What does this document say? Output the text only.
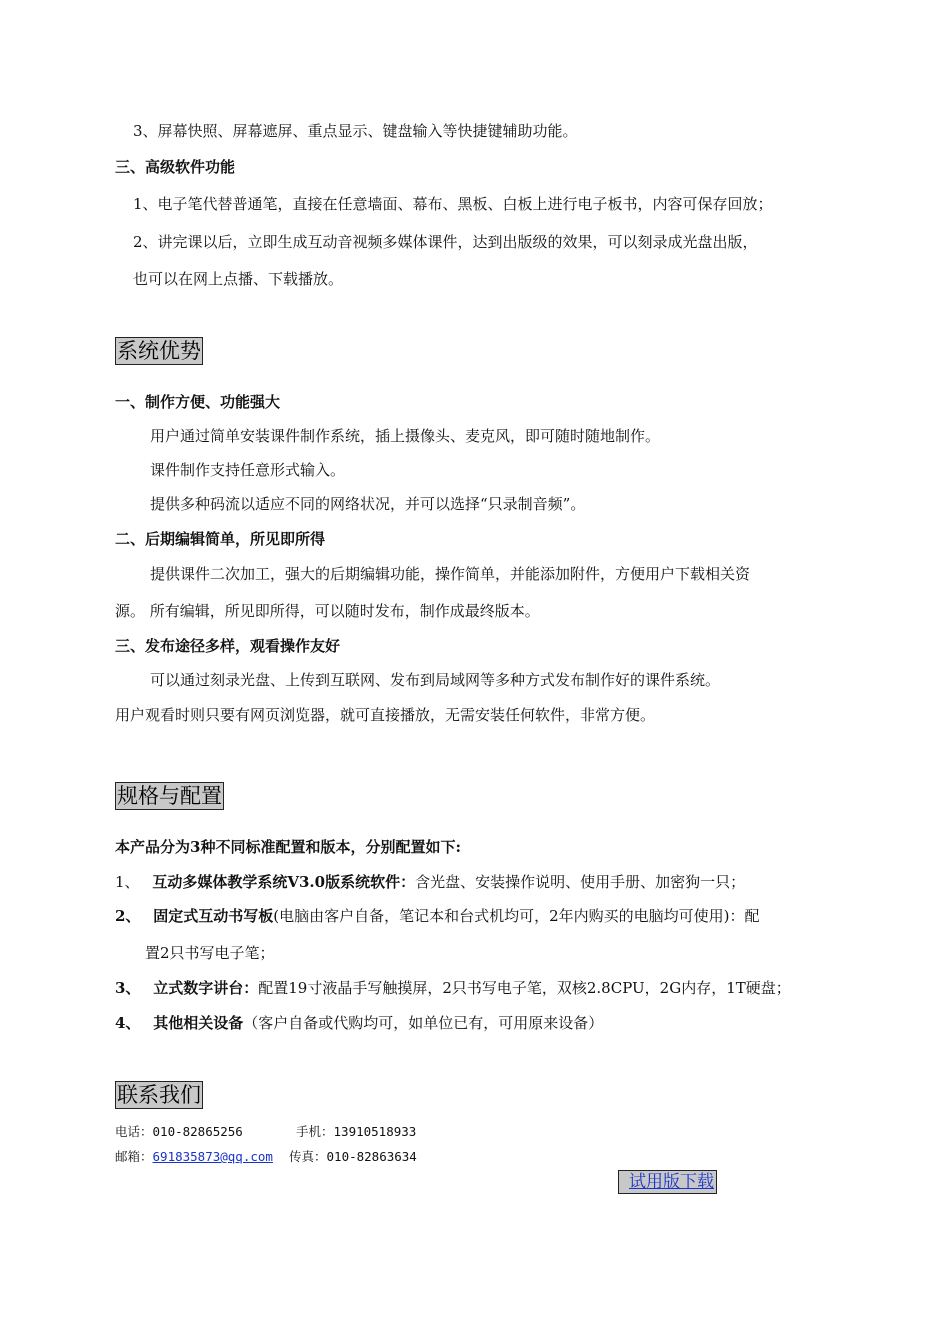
3、屏幕快照、屏幕遮屏、重点显示、键盘输入等快捷键辅助功能。
三、高级软件功能
1、电子笔代替普通笔，直接在任意墙面、幕布、黑板、白板上进行电子板书，内容可保存回放；
2、讲完课以后，立即生成互动音视频多媒体课件，达到出版级的效果，可以刻录成光盘出版，
也可以在网上点播、下载播放。
系统优势
一、制作方便、功能强大
用户通过简单安装课件制作系统，插上摄像头、麦克风，即可随时随地制作。
课件制作支持任意形式输入。
提供多种码流以适应不同的网络状况，并可以选择“只录制音频”。
二、后期编辑简单，所见即所得
提供课件二次加工，强大的后期编辑功能，操作简单，并能添加附件，方便用户下载相关资
源。 所有编辑，所见即所得，可以随时发布，制作成最终版本。
三、发布途径多样，观看操作友好
可以通过刻录光盘、上传到互联网、发布到局域网等多种方式发布制作好的课件系统。
用户观看时则只要有网页浏览器，就可直接播放，无需安装任何软件，非常方便。
规格与配置
本产品分为3种不同标准配置和版本，分别配置如下:
1、 互动多媒体教学系统V3.0版系统软件：含光盘、安装操作说明、使用手册、加密狗一只；
2、 固定式互动书写板(电脑由客户自备，笔记本和台式机均可，2年内购买的电脑均可使用)：配
置2只书写电子笔；
3、 立式数字讲台：配置19寸液晶手写触摸屏，2只书写电子笔，双核2.8CPU，2G内存，1T硬盘；
4、 其他相关设备（客户自备或代购均可，如单位已有，可用原来设备）
联系我们
电话：010-82865256	手机：13910518933
邮箱：691835873@qq.com 传真：010-82863634
试用版下载
